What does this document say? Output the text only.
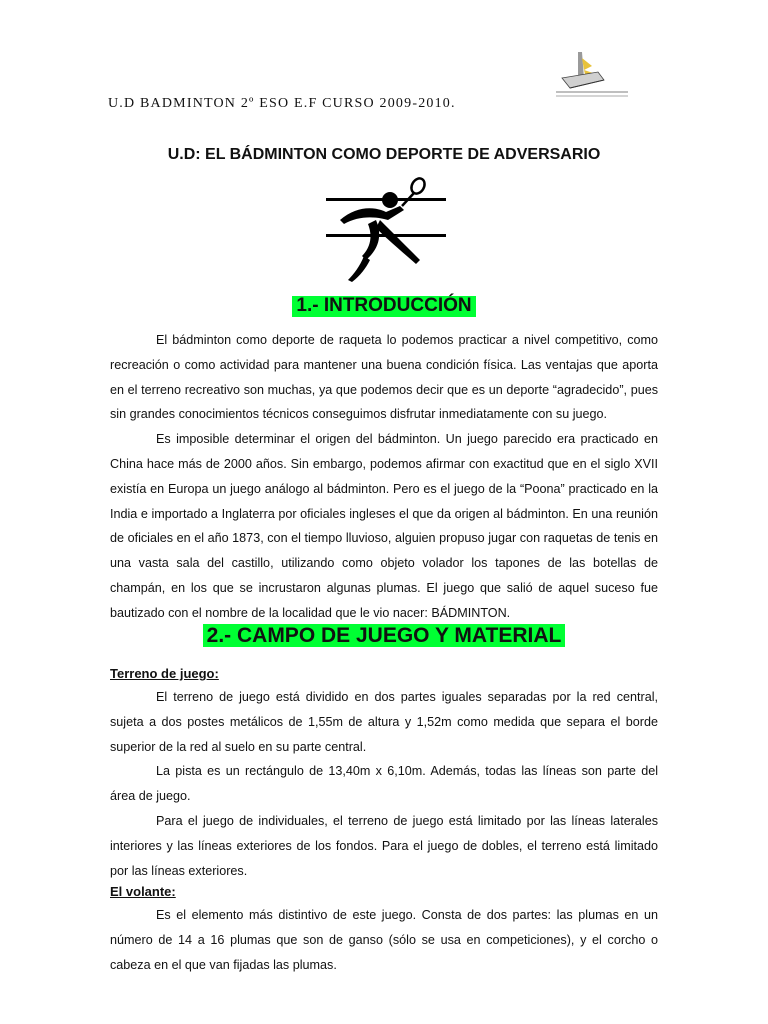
U.D BADMINTON 2º ESO E.F CURSO 2009-2010.
U.D: EL BÁDMINTON COMO DEPORTE DE ADVERSARIO
1.- INTRODUCCIÓN

El bádminton como deporte de raqueta lo podemos practicar a nivel competitivo, como recreación o como actividad para mantener una buena condición física. Las ventajas que aporta en el terreno recreativo son muchas, ya que podemos decir que es un deporte “agradecido”, pues sin grandes conocimientos técnicos conseguimos disfrutar inmediatamente con su juego.

Es imposible determinar el origen del bádminton. Un juego parecido era practicado en China hace más de 2000 años. Sin embargo, podemos afirmar con exactitud que en el siglo XVII existía en Europa un juego análogo al bádminton. Pero es el juego de la “Poona” practicado en la India e importado a Inglaterra por oficiales ingleses el que da origen al bádminton. En una reunión de oficiales en el año 1873, con el tiempo lluvioso, alguien propuso jugar con raquetas de tenis en una vasta sala del castillo, utilizando como objeto volador los tapones de las botellas de champán, en los que se incrustaron algunas plumas. El juego que salió de aquel suceso fue bautizado con el nombre de la localidad que le vio nacer: BÁDMINTON.

2.- CAMPO DE JUEGO Y MATERIAL
Terreno de juego:

El terreno de juego está dividido en dos partes iguales separadas por la red central, sujeta a dos postes metálicos de 1,55m de altura y 1,52m como medida que separa el borde superior de la red al suelo en su parte central.

La pista es un rectángulo de 13,40m x 6,10m. Además, todas las líneas son parte del área de juego.

Para el juego de individuales, el terreno de juego está limitado por las líneas laterales interiores y las líneas exteriores de los fondos. Para el juego de dobles, el terreno está limitado por las líneas exteriores.

El volante:

Es el elemento más distintivo de este juego. Consta de dos partes: las plumas en un número de 14 a 16 plumas que son de ganso (sólo se usa en competiciones), y el corcho o cabeza en el que van fijadas las plumas.
